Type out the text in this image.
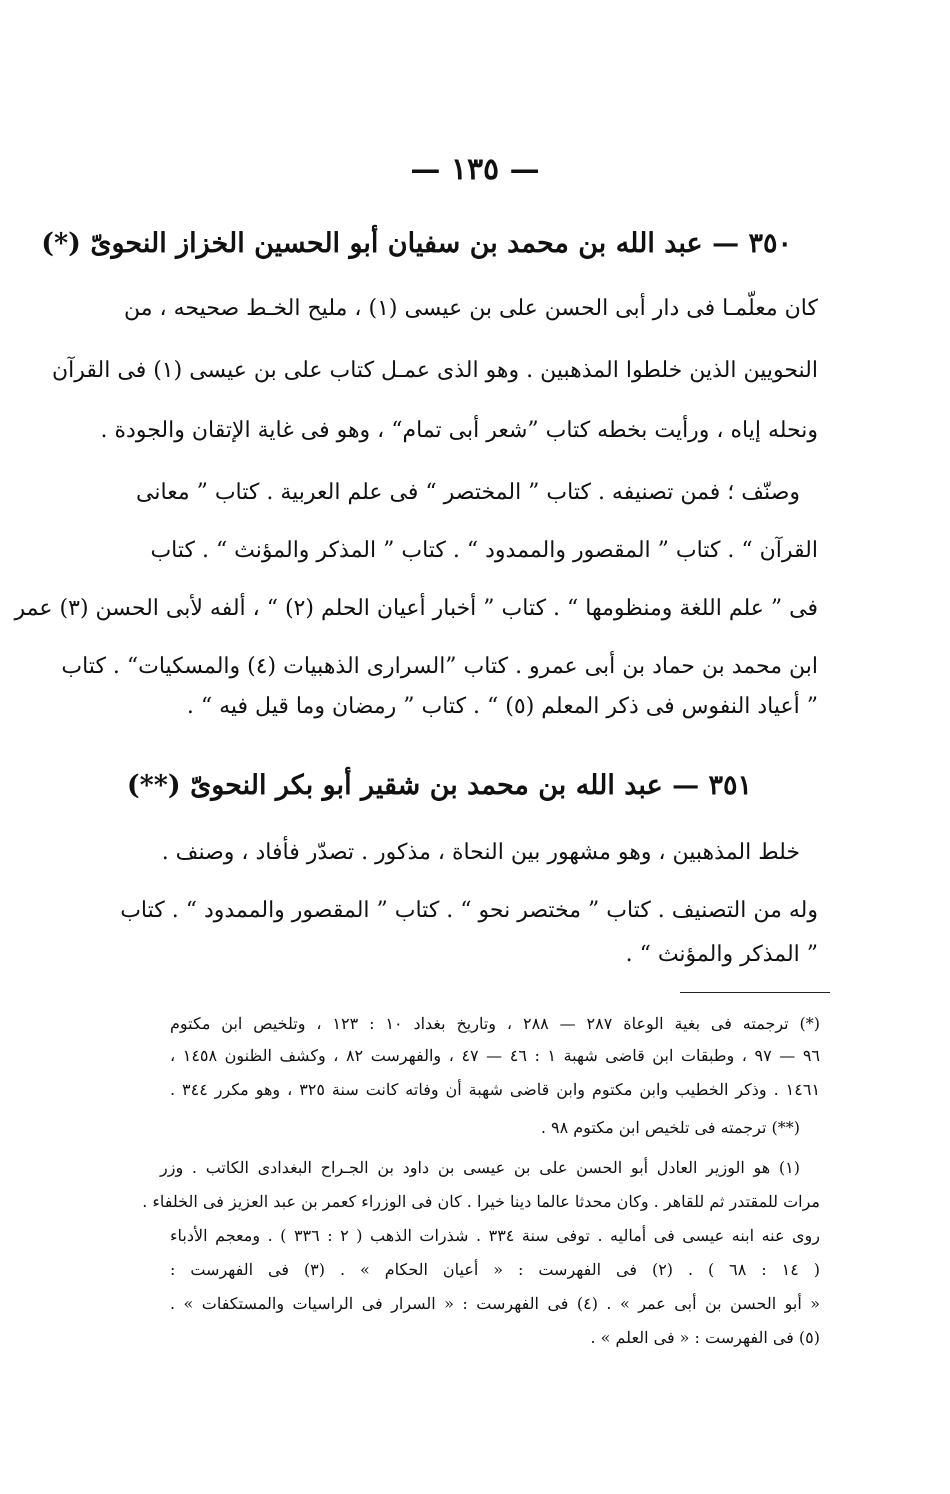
— ١٣٥ —
٣٥٠ — عبد الله بن محمد بن سفيان أبو الحسين الخزاز النحوىّ (*)
كان معلّمـا فى دار أبى الحسن على بن عيسى (١) ، مليح الخـط صحيحه ، من
النحويين الذين خلطوا المذهبين . وهو الذى عمـل كتاب على بن عيسى (١) فى القرآن
ونحله إياه ، ورأيت بخطه كتاب ”شعر أبى تمام“ ، وهو فى غاية الإتقان والجودة .
وصنّف ؛ فمن تصنيفه . كتاب ” المختصر “ فى علم العربية . كتاب ” معانى
القرآن “ . كتاب ” المقصور والممدود “ . كتاب ” المذكر والمؤنث “ . كتاب
فى ” علم اللغة ومنظومها “ . كتاب ” أخبار أعيان الحلم (٢) “ ، ألفه لأبى الحسن (٣) عمر
ابن محمد بن حماد بن أبى عمرو . كتاب ”السرارى الذهبيات (٤) والمسكيات“ . كتاب
” أعياد النفوس فى ذكر المعلم (٥) “ . كتاب ” رمضان وما قيل فيه “ .
٣٥١ — عبد الله بن محمد بن شقير أبو بكر النحوىّ (**)
خلط المذهبين ، وهو مشهور بين النحاة ، مذكور . تصدّر فأفاد ، وصنف .
وله من التصنيف . كتاب ” مختصر نحو “ . كتاب ” المقصور والممدود “ . كتاب
” المذكر والمؤنث “ .
(*) ترجمته فى بغية الوعاة ٢٨٧ — ٢٨٨ ، وتاريخ بغداد ١٠ : ١٢٣ ، وتلخيص ابن مكتوم
٩٦ — ٩٧ ، وطبقات ابن قاضى شهبة ١ : ٤٦ — ٤٧ ، والفهرست ٨٢ ، وكشف الظنون ١٤٥٨ ،
١٤٦١ . وذكر الخطيب وابن مكتوم وابن قاضى شهبة أن وفاته كانت سنة ٣٢٥ ، وهو مكرر ٣٤٤ .
(**) ترجمته فى تلخيص ابن مكتوم ٩٨ .
(١) هو الوزير العادل أبو الحسن على بن عيسى بن داود بن الجـراح البغدادى الكاتب . وزر
مرات للمقتدر ثم للقاهر . وكان محدثا عالما دينا خيرا . كان فى الوزراء كعمر بن عبد العزيز فى الخلفاء .
روى عنه ابنه عيسى فى أماليه . توفى سنة ٣٣٤ . شذرات الذهب ( ٢ : ٣٣٦ ) . ومعجم الأدباء
( ١٤ : ٦٨ ) . (٢) فى الفهرست : « أعيان الحكام » . (٣) فى الفهرست :
« أبو الحسن بن أبى عمر » . (٤) فى الفهرست : « السرار فى الراسيات والمستكفات » .
(٥) فى الفهرست : « فى العلم » .
